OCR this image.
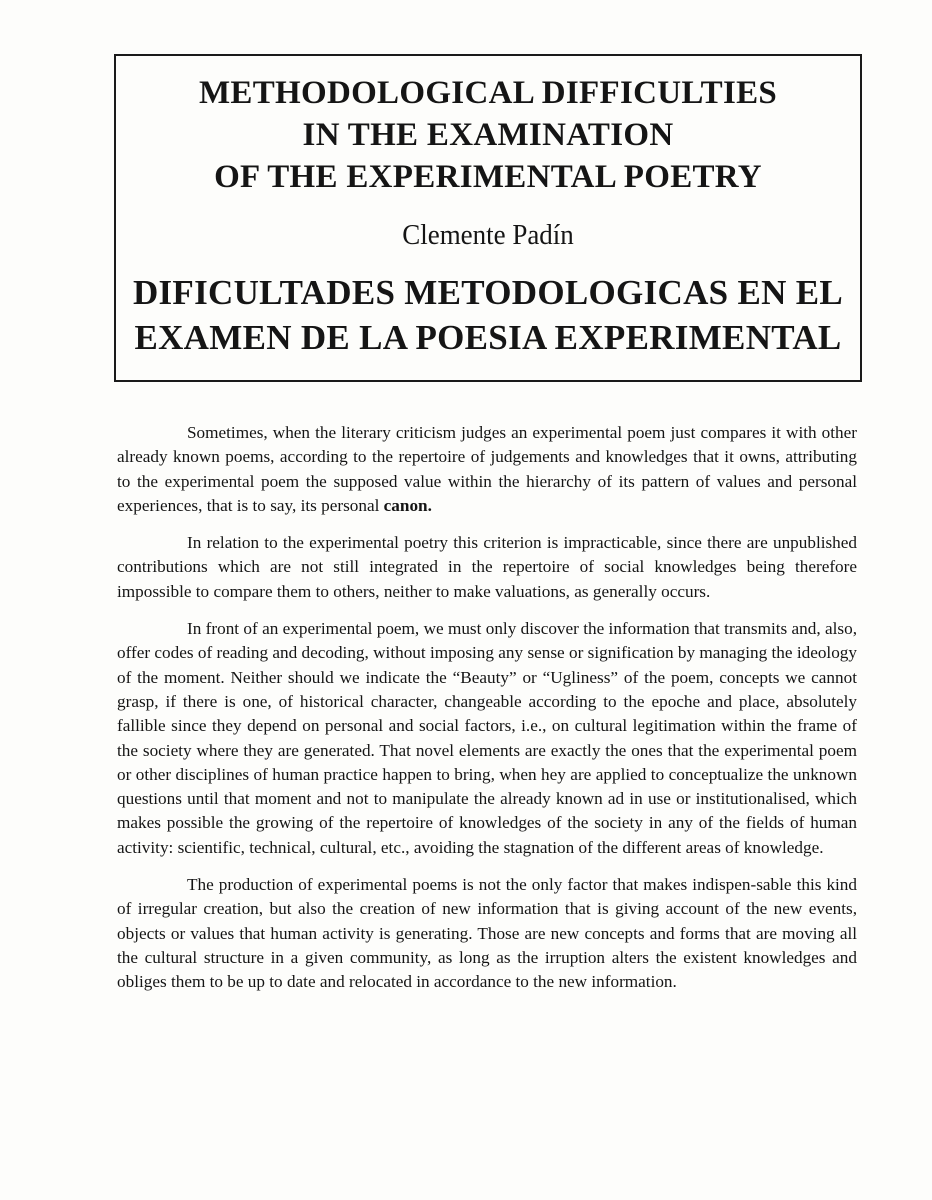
METHODOLOGICAL DIFFICULTIES
IN THE EXAMINATION
OF THE EXPERIMENTAL POETRY
Clemente Padín
DIFICULTADES METODOLOGICAS EN EL
EXAMEN DE LA POESIA EXPERIMENTAL

Sometimes, when the literary criticism judges an experimental poem just compares it with other already known poems, according to the repertoire of judgements and knowledges that it owns, attributing to the experimental poem the supposed value within the hierarchy of its pattern of values and personal experiences, that is to say, its personal canon.

In relation to the experimental poetry this criterion is impracticable, since there are unpublished contributions which are not still integrated in the repertoire of social knowledges being therefore impossible to compare them to others, neither to make valuations, as generally occurs.

In front of an experimental poem, we must only discover the information that transmits and, also, offer codes of reading and decoding, without imposing any sense or signification by managing the ideology of the moment. Neither should we indicate the “Beauty” or “Ugliness” of the poem, concepts we cannot grasp, if there is one, of historical character, changeable according to the epoche and place, absolutely fallible since they depend on personal and social factors, i.e., on cultural legitimation within the frame of the society where they are generated. That novel elements are exactly the ones that the experimental poem or other disciplines of human practice happen to bring, when hey are applied to conceptualize the unknown questions until that moment and not to manipulate the already known ad in use or institutionalised, which makes possible the growing of the repertoire of knowledges of the society in any of the fields of human activity: scientific, technical, cultural, etc., avoiding the stagnation of the different areas of knowledge.

The production of experimental poems is not the only factor that makes indispen-sable this kind of irregular creation, but also the creation of new information that is giving account of the new events, objects or values that human activity is generating. Those are new concepts and forms that are moving all the cultural structure in a given community, as long as the irruption alters the existent knowledges and obliges them to be up to date and relocated in accordance to the new information.
